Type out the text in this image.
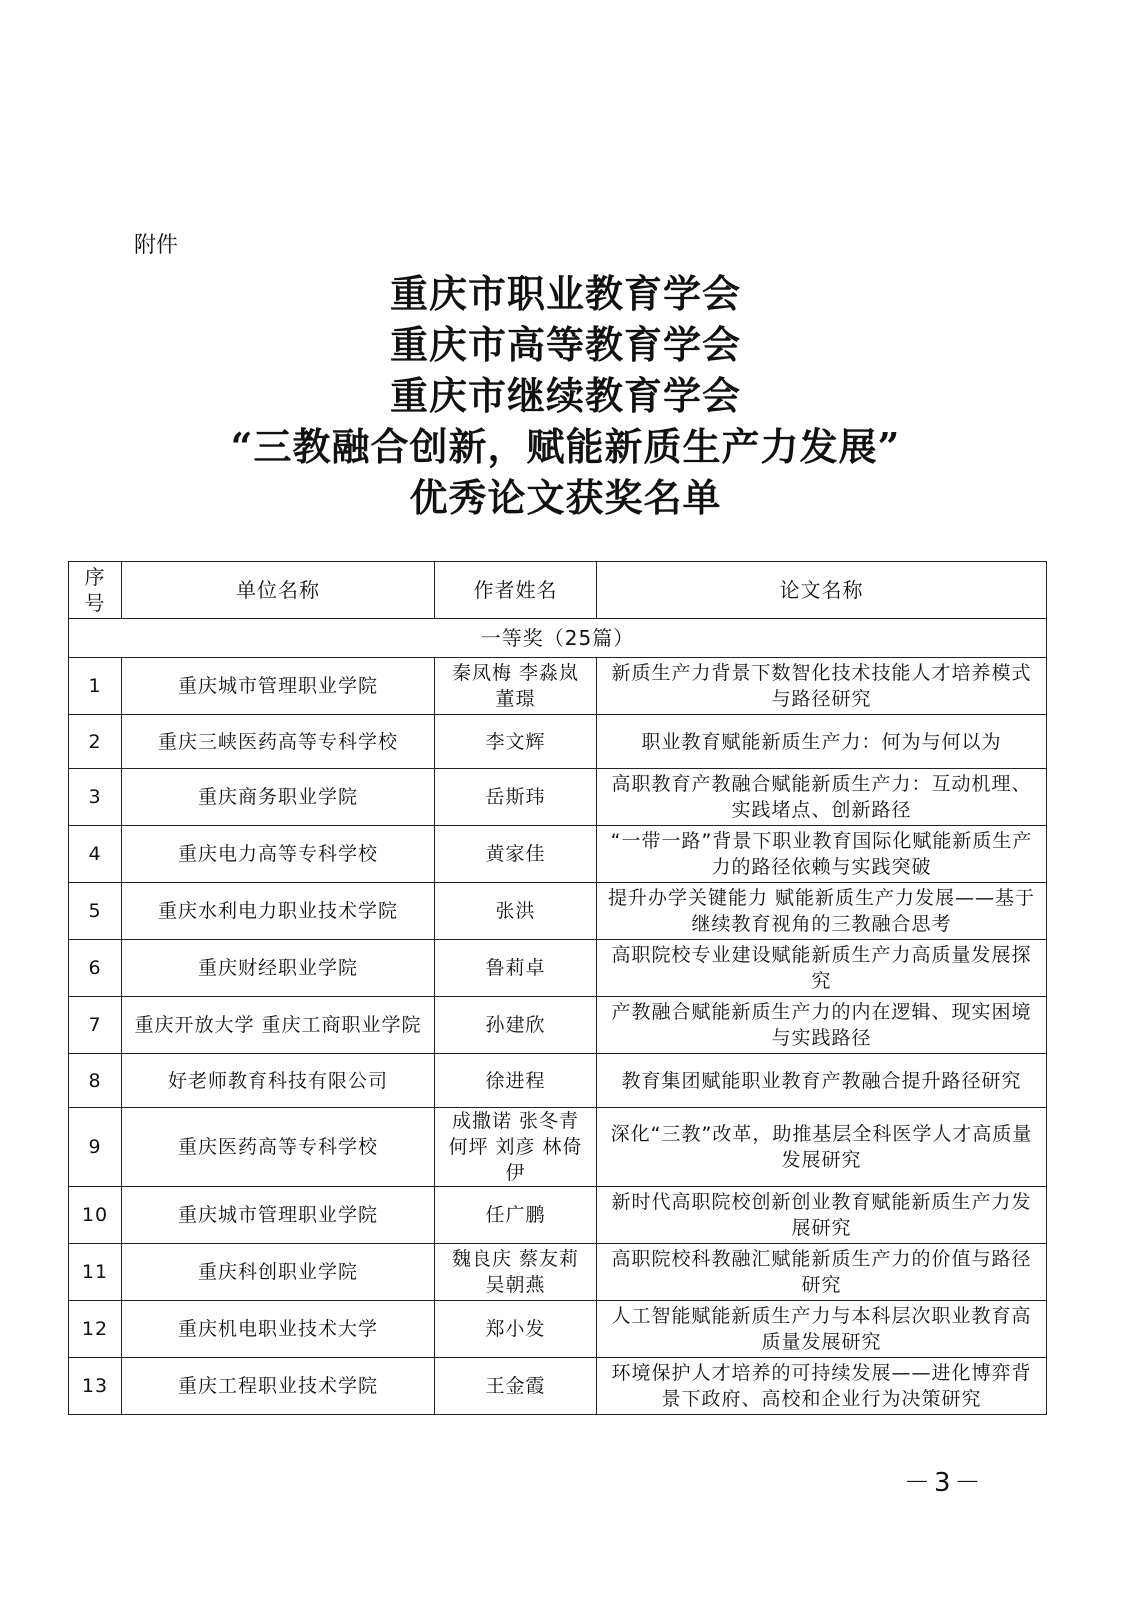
附件
重庆市职业教育学会
重庆市高等教育学会
重庆市继续教育学会
“三教融合创新，赋能新质生产力发展”
优秀论文获奖名单
序号	单位名称	作者姓名	论文名称
一等奖（25篇）			
1	重庆城市管理职业学院	秦凤梅 李淼岚 董璟	新质生产力背景下数智化技术技能人才培养模式与路径研究
2	重庆三峡医药高等专科学校	李文辉	职业教育赋能新质生产力：何为与何以为
3	重庆商务职业学院	岳斯玮	高职教育产教融合赋能新质生产力：互动机理、实践堵点、创新路径
4	重庆电力高等专科学校	黄家佳	“一带一路”背景下职业教育国际化赋能新质生产力的路径依赖与实践突破
5	重庆水利电力职业技术学院	张洪	提升办学关键能力 赋能新质生产力发展——基于继续教育视角的三教融合思考
6	重庆财经职业学院	鲁莉卓	高职院校专业建设赋能新质生产力高质量发展探究
7	重庆开放大学 重庆工商职业学院	孙建欣	产教融合赋能新质生产力的内在逻辑、现实困境与实践路径
8	好老师教育科技有限公司	徐进程	教育集团赋能职业教育产教融合提升路径研究
9	重庆医药高等专科学校	成撒诺 张冬青 何坪 刘彦 林倚伊	深化“三教”改革，助推基层全科医学人才高质量发展研究
10	重庆城市管理职业学院	任广鹏	新时代高职院校创新创业教育赋能新质生产力发展研究
11	重庆科创职业学院	魏良庆 蔡友莉 吴朝燕	高职院校科教融汇赋能新质生产力的价值与路径研究
12	重庆机电职业技术大学	郑小发	人工智能赋能新质生产力与本科层次职业教育高质量发展研究
13	重庆工程职业技术学院	王金霞	环境保护人才培养的可持续发展——进化博弈背景下政府、高校和企业行为决策研究
－3－
